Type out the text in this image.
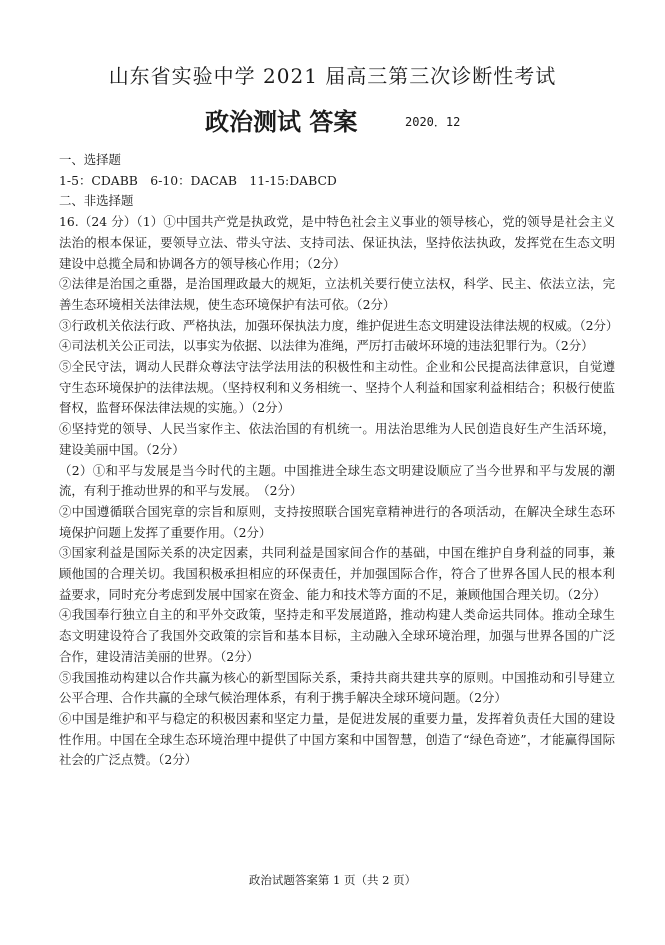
山东省实验中学 2021 届高三第三次诊断性考试
政治测试 答案	2020．12

一、选择题

1-5：CDABB　6-10：DACAB　11-15:DABCD

二、非选择题

16.（24 分）（1）①中国共产党是执政党，是中特色社会主义事业的领导核心，党的领导是社会主义法治的根本保证，要领导立法、带头守法、支持司法、保证执法，坚持依法执政，发挥党在生态文明建设中总揽全局和协调各方的领导核心作用；（2分）

②法律是治国之重器，是治国理政最大的规矩，立法机关要行使立法权，科学、民主、依法立法，完善生态环境相关法律法规，使生态环境保护有法可依。（2分）

③行政机关依法行政、严格执法，加强环保执法力度，维护促进生态文明建设法律法规的权威。（2分）

④司法机关公正司法，以事实为依据、以法律为准绳，严厉打击破坏环境的违法犯罪行为。（2分）

⑤全民守法，调动人民群众尊法守法学法用法的积极性和主动性。企业和公民提高法律意识，自觉遵守生态环境保护的法律法规。（坚持权利和义务相统一、坚持个人利益和国家利益相结合；积极行使监督权，监督环保法律法规的实施。）（2分）

⑥坚持党的领导、人民当家作主、依法治国的有机统一。用法治思维为人民创造良好生产生活环境，建设美丽中国。（2分）

（2）①和平与发展是当今时代的主题。中国推进全球生态文明建设顺应了当今世界和平与发展的潮流，有利于推动世界的和平与发展。　（2分）

②中国遵循联合国宪章的宗旨和原则，支持按照联合国宪章精神进行的各项活动，在解决全球生态环境保护问题上发挥了重要作用。（2分）

③国家利益是国际关系的决定因素，共同利益是国家间合作的基础，中国在维护自身利益的同事，兼顾他国的合理关切。我国积极承担相应的环保责任，并加强国际合作，符合了世界各国人民的根本利益要求，同时充分考虑到发展中国家在资金、能力和技术等方面的不足，兼顾他国合理关切。（2分）

④我国奉行独立自主的和平外交政策，坚持走和平发展道路，推动构建人类命运共同体。推动全球生态文明建设符合了我国外交政策的宗旨和基本目标，主动融入全球环境治理，加强与世界各国的广泛合作，建设清洁美丽的世界。（2分）

⑤我国推动构建以合作共赢为核心的新型国际关系，秉持共商共建共享的原则。中国推动和引导建立公平合理、合作共赢的全球气候治理体系，有利于携手解决全球环境问题。（2分）

⑥中国是维护和平与稳定的积极因素和坚定力量，是促进发展的重要力量，发挥着负责任大国的建设性作用。中国在全球生态环境治理中提供了中国方案和中国智慧，创造了“绿色奇迹”，才能赢得国际社会的广泛点赞。（2分）

政治试题答案第 1 页（共 2 页）
